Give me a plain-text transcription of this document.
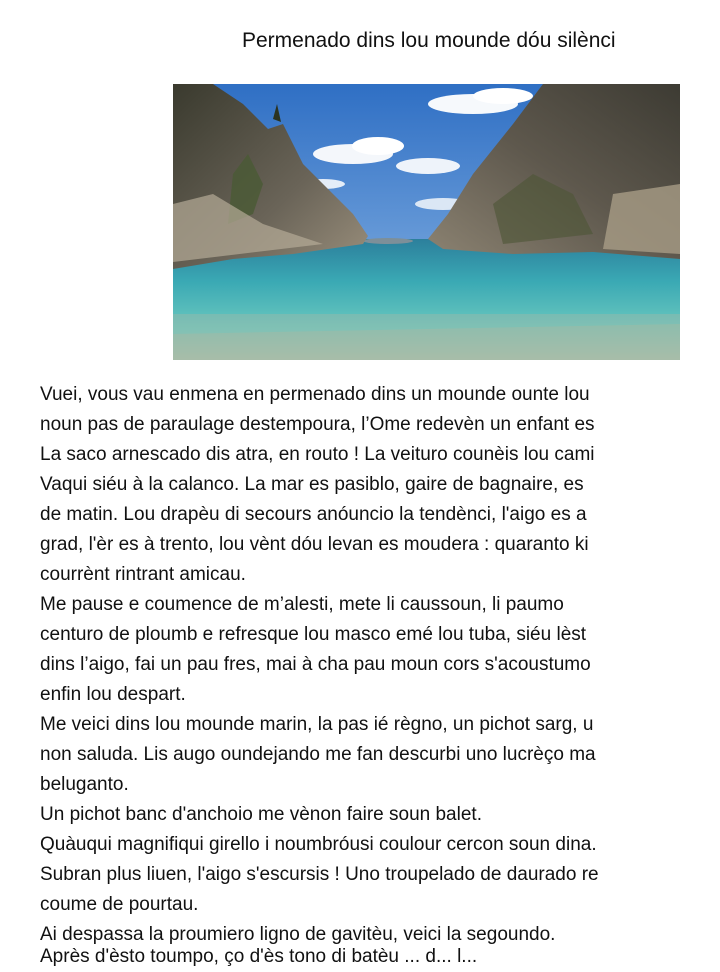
Permenado dins lou mounde dóu silènci
Vuei, vous vau enmena en permenado dins un mounde ounte lou
noun pas de paraulage destempoura, l’Ome redevèn un enfant es
La saco arnescado dis atra, en routo ! La veituro counèis lou cami
Vaqui siéu à la calanco. La mar es pasiblo, gaire de bagnaire, es
de matin. Lou drapèu di secours anóuncio la tendènci, l'aigo es a
grad, l'èr es à trento, lou vènt dóu levan es moudera : quaranto ki
courrènt rintrant amicau.
Me pause e coumence de m’alesti, mete li caussoun, li paumo
centuro de ploumb e refresque lou masco emé lou tuba, siéu lèst
dins l’aigo, fai un pau fres, mai à cha pau moun cors s'acoustumo
enfin lou despart.
Me veici dins lou mounde marin, la pas ié règno, un pichot sarg, u
non saluda. Lis augo oundejando me fan descurbi uno lucrèço ma
beluganto.
Un pichot banc d'anchoio me vènon faire soun balet.
Quàuqui magnifiqui girello i noumbróusi coulour cercon soun dina.
Subran plus liuen, l'aigo s'escursis ! Uno troupelado de daurado re
coume de pourtau.
Ai despassa la proumiero ligno de gavitèu, veici la segoundo.
Après d'èsto toumpo, ço d'ès tono di batèu ... d... l...
